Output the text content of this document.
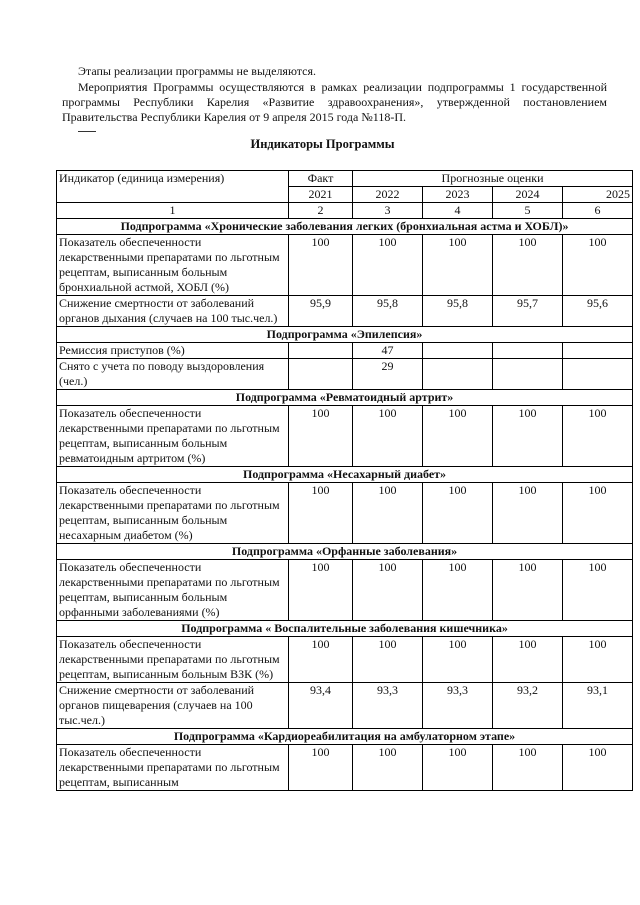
Этапы реализации программы не выделяются.
Мероприятия Программы осуществляются в рамках реализации подпрограммы 1 государственной программы Республики Карелия «Развитие здравоохранения», утвержденной постановлением Правительства Республики Карелия от 9 апреля 2015 года №118-П.
Индикаторы Программы
Индикатор (единица измерения)	Факт	Прогнозные оценки			
	2021	2022	2023	2024	2025
1	2	3	4	5	6
Подпрограмма «Хронические заболевания легких (бронхиальная астма и ХОБЛ)»					
Показатель обеспеченности лекарственными препаратами по льготным рецептам, выписанным больным бронхиальной астмой, ХОБЛ (%)	100	100	100	100	100
Снижение смертности от заболеваний органов дыхания (случаев на 100 тыс.чел.)	95,9	95,8	95,8	95,7	95,6
Подпрограмма «Эпилепсия»					
Ремиссия приступов (%)		47			
Снято с учета по поводу выздоровления (чел.)		29			
Подпрограмма «Ревматоидный артрит»					
Показатель обеспеченности лекарственными препаратами по льготным рецептам, выписанным больным ревматоидным артритом (%)	100	100	100	100	100
Подпрограмма «Несахарный диабет»					
Показатель обеспеченности лекарственными препаратами по льготным рецептам, выписанным больным несахарным диабетом (%)	100	100	100	100	100
Подпрограмма «Орфанные заболевания»					
Показатель обеспеченности лекарственными препаратами по льготным рецептам, выписанным больным орфанными заболеваниями (%)	100	100	100	100	100
Подпрограмма « Воспалительные заболевания кишечника»					
Показатель обеспеченности лекарственными препаратами по льготным рецептам, выписанным больным ВЗК (%)	100	100	100	100	100
Снижение смертности от заболеваний органов пищеварения (случаев на 100 тыс.чел.)	93,4	93,3	93,3	93,2	93,1
Подпрограмма «Кардиореабилитация на амбулаторном этапе»					
Показатель обеспеченности лекарственными препаратами по льготным рецептам, выписанным	100	100	100	100	100
